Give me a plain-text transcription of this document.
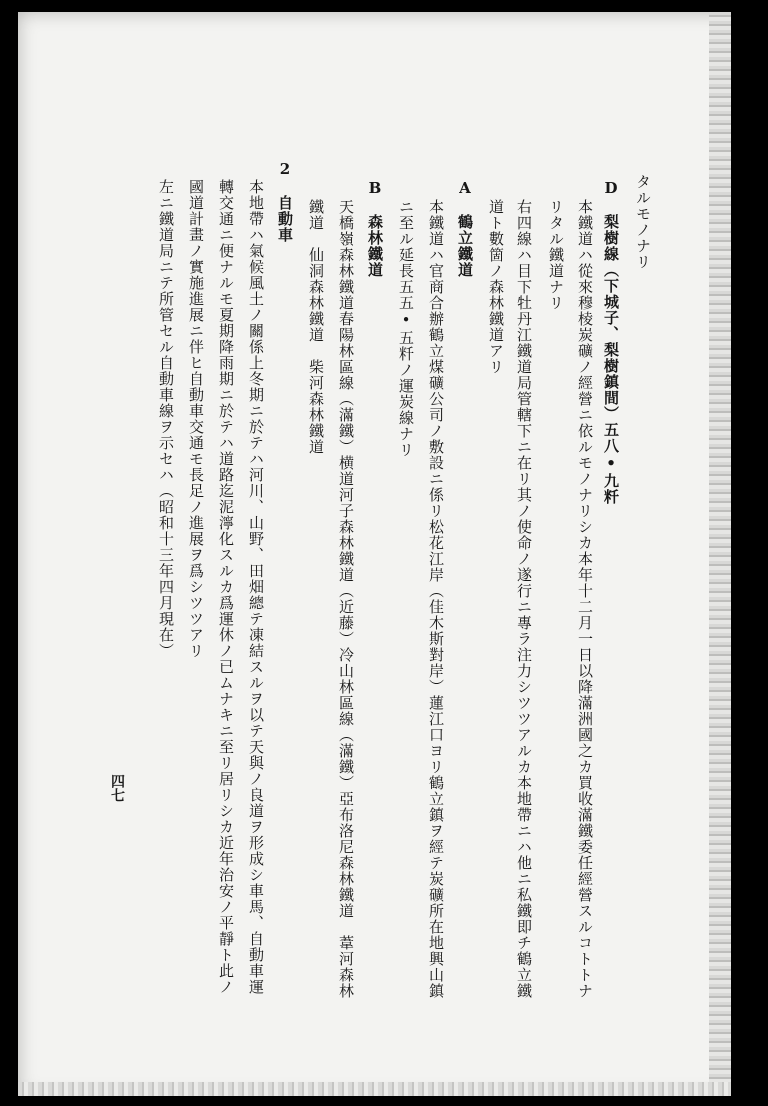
タルモノナリ
D　梨樹線（下城子、梨樹鎮間）五八•九粁
本鐵道ハ從來穆棱炭礦ノ經營ニ依ルモノナリシカ本年十二月一日以降滿洲國之カ買收滿鐵委任經營スルコトトナ
リタル鐵道ナリ
右四線ハ目下牡丹江鐵道局管轄下ニ在リ其ノ使命ノ遂行ニ專ラ注力シツツアルカ本地帶ニハ他ニ私鐵即チ鶴立鐵
道ト數箇ノ森林鐵道アリ
A　鶴立鐵道
本鐵道ハ官商合辦鶴立煤礦公司ノ敷設ニ係リ松花江岸（佳木斯對岸）蓮江口ヨリ鶴立鎮ヲ經テ炭礦所在地興山鎮
ニ至ル延長五五•五粁ノ運炭線ナリ
B　森林鐵道
天橋嶺森林鐵道春陽林區線（滿鐵）横道河子森林鐵道（近藤）冷山林區線（滿鐵）亞布洛尼森林鐵道　葦河森林
鐵道　仙洞森林鐵道　柴河森林鐵道
2　自動車
本地帶ハ氣候風土ノ關係上冬期ニ於テハ河川、山野、田畑總テ凍結スルヲ以テ天與ノ良道ヲ形成シ車馬、自動車運
轉交通ニ便ナルモ夏期降雨期ニ於テハ道路迄泥濘化スルカ爲運休ノ已ムナキニ至リ居リシカ近年治安ノ平靜ト此ノ
國道計畫ノ實施進展ニ伴ヒ自動車交通モ長足ノ進展ヲ爲シツツアリ
左ニ鐵道局ニテ所管セル自動車線ヲ示セハ（昭和十三年四月現在）
四七
